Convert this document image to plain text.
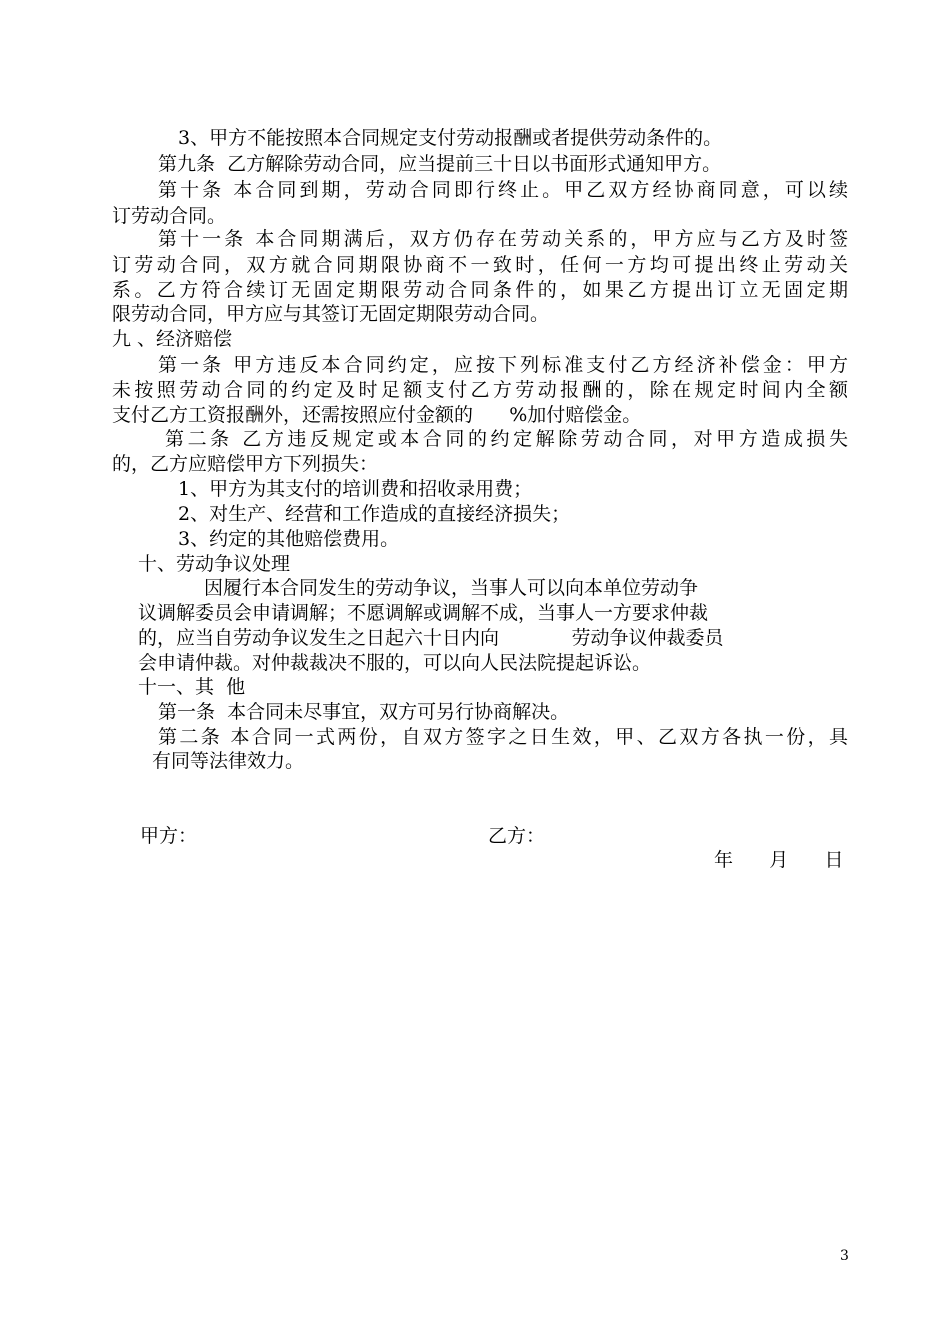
3、甲方不能按照本合同规定支付劳动报酬或者提供劳动条件的。
第九条  乙方解除劳动合同，应当提前三十日以书面形式通知甲方。
第十条 本合同到期，劳动合同即行终止。甲乙双方经协商同意，可以续
订劳动合同。
第十一条 本合同期满后，双方仍存在劳动关系的，甲方应与乙方及时签
订劳动合同，双方就合同期限协商不一致时，任何一方均可提出终止劳动关
系。乙方符合续订无固定期限劳动合同条件的，如果乙方提出订立无固定期
限劳动合同，甲方应与其签订无固定期限劳动合同。
九 、经济赔偿
第一条 甲方违反本合同约定，应按下列标准支付乙方经济补偿金：甲方
未按照劳动合同的约定及时足额支付乙方劳动报酬的，除在规定时间内全额
支付乙方工资报酬外，还需按照应付金额的      %加付赔偿金。
第二条 乙方违反规定或本合同的约定解除劳动合同，对甲方造成损失
的，乙方应赔偿甲方下列损失：
1、甲方为其支付的培训费和招收录用费；
2、对生产、经营和工作造成的直接经济损失；
3、约定的其他赔偿费用。
十、劳动争议处理
因履行本合同发生的劳动争议，当事人可以向本单位劳动争
议调解委员会申请调解；不愿调解或调解不成，当事人一方要求仲裁
的，应当自劳动争议发生之日起六十日内向            劳动争议仲裁委员
会申请仲裁。对仲裁裁决不服的，可以向人民法院提起诉讼。
十一、其  他
第一条  本合同未尽事宜，双方可另行协商解决。
第二条 本合同一式两份，自双方签字之日生效，甲、乙双方各执一份，具
有同等法律效力。
甲方：	乙方：
年      月      日
3
